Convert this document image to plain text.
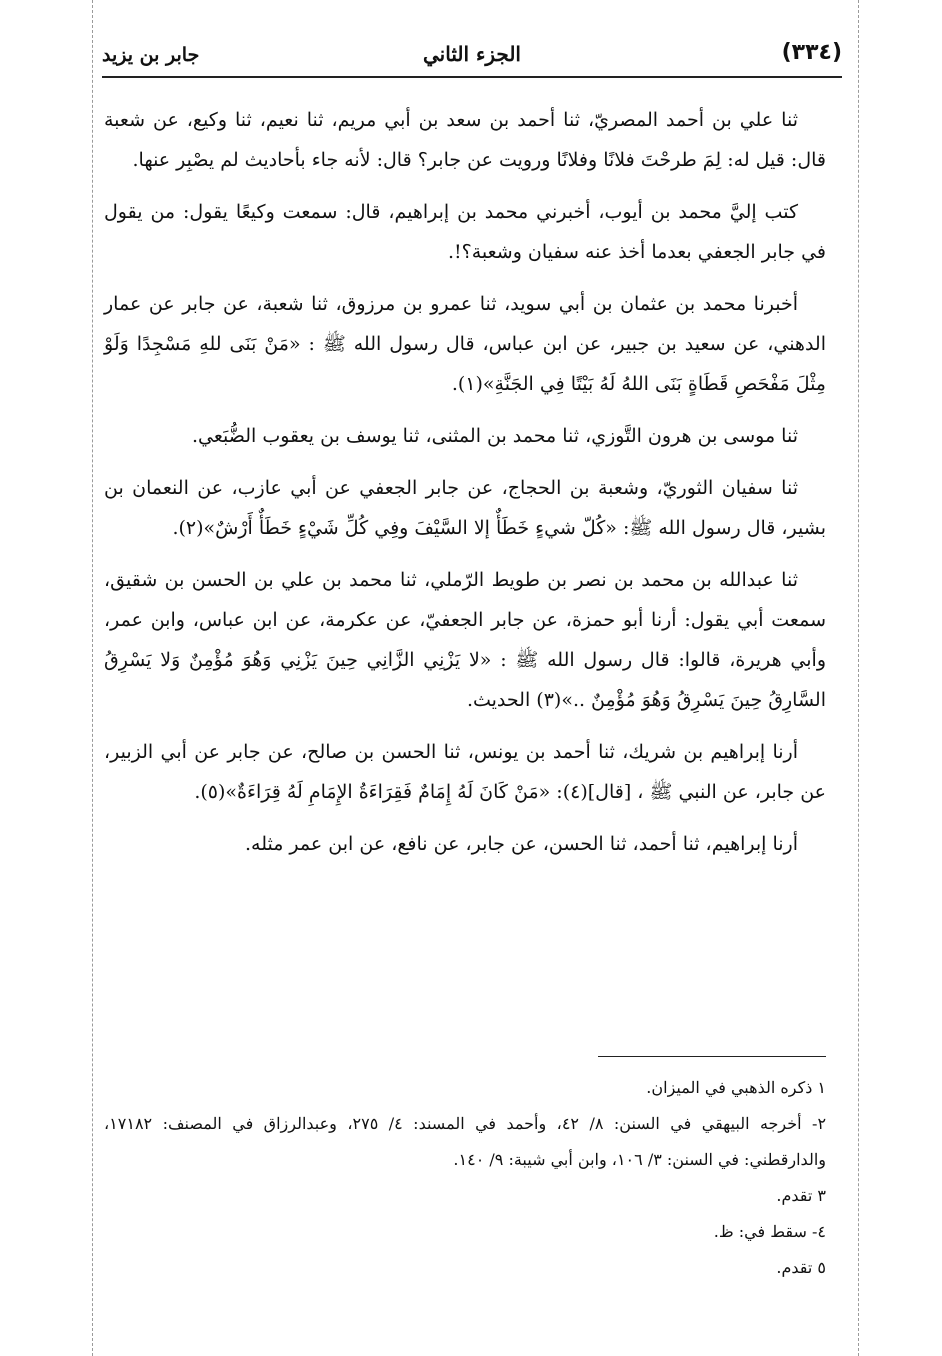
(٣٣٤)
الجزء الثاني
جابر بن يزيد

ثنا علي بن أحمد المصريّ، ثنا أحمد بن سعد بن أبي مريم، ثنا نعيم، ثنا وكيع، عن شعبة قال: قيل له: لِمَ طرحْتَ فلانًا وفلانًا ورويت عن جابر؟ قال: لأنه جاء بأحاديث لم يصْبِر عنها.

كتب إليَّ محمد بن أيوب، أخبرني محمد بن إبراهيم، قال: سمعت وكيعًا يقول: من يقول في جابر الجعفي بعدما أخذ عنه سفيان وشعبة؟!.

أخبرنا محمد بن عثمان بن أبي سويد، ثنا عمرو بن مرزوق، ثنا شعبة، عن جابر عن عمار الدهني، عن سعيد بن جبير، عن ابن عباس، قال رسول الله ﷺ : «مَنْ بَنَى للهِ مَسْجِدًا وَلَوْ مِثْلَ مَفْحَصِ قَطَاةٍ بَنَى اللهُ لَهُ بَيْتًا فِي الجَنَّةِ»(١).

ثنا موسى بن هرون التَّوزي، ثنا محمد بن المثنى، ثنا يوسف بن يعقوب الضُّبَعي.

ثنا سفيان الثوريّ، وشعبة بن الحجاج، عن جابر الجعفي عن أبي عازب، عن النعمان بن بشير، قال رسول الله ﷺ: «كُلّ شيءٍ خَطَأٌ إلا السَّيْفَ وفِي كُلِّ شَيْءٍ خَطَأٌ أَرْشٌ»(٢).

ثنا عبدالله بن محمد بن نصر بن طويط الرّملي، ثنا محمد بن علي بن الحسن بن شقيق، سمعت أبي يقول: أرنا أبو حمزة، عن جابر الجعفيّ، عن عكرمة، عن ابن عباس، وابن عمر، وأبي هريرة، قالوا: قال رسول الله ﷺ : «لا يَزْنِي الزَّانِي حِينَ يَزْنِي وَهُوَ مُؤْمِنٌ وَلا يَسْرِقُ السَّارِقُ حِينَ يَسْرِقُ وَهُوَ مُؤْمِنٌ ..»(٣) الحديث.

أرنا إبراهيم بن شريك، ثنا أحمد بن يونس، ثنا الحسن بن صالح، عن جابر عن أبي الزبير، عن جابر، عن النبي ﷺ ، [قال](٤): «مَنْ كَانَ لَهُ إِمَامٌ فَقِرَاءَةُ الإِمَامِ لَهُ قِرَاءَةٌ»(٥).

أرنا إبراهيم، ثنا أحمد، ثنا الحسن، عن جابر، عن نافع، عن ابن عمر مثله.

١ ذكره الذهبي في الميزان.

٢- أخرجه البيهقي في السنن: ٨/ ٤٢، وأحمد في المسند: ٤/ ٢٧٥، وعبدالرزاق في المصنف: ١٧١٨٢، والدارقطني: في السنن: ٣/ ١٠٦، وابن أبي شيبة: ٩/ ١٤٠.

٣ تقدم.

٤- سقط في: ظ.

٥ تقدم.
